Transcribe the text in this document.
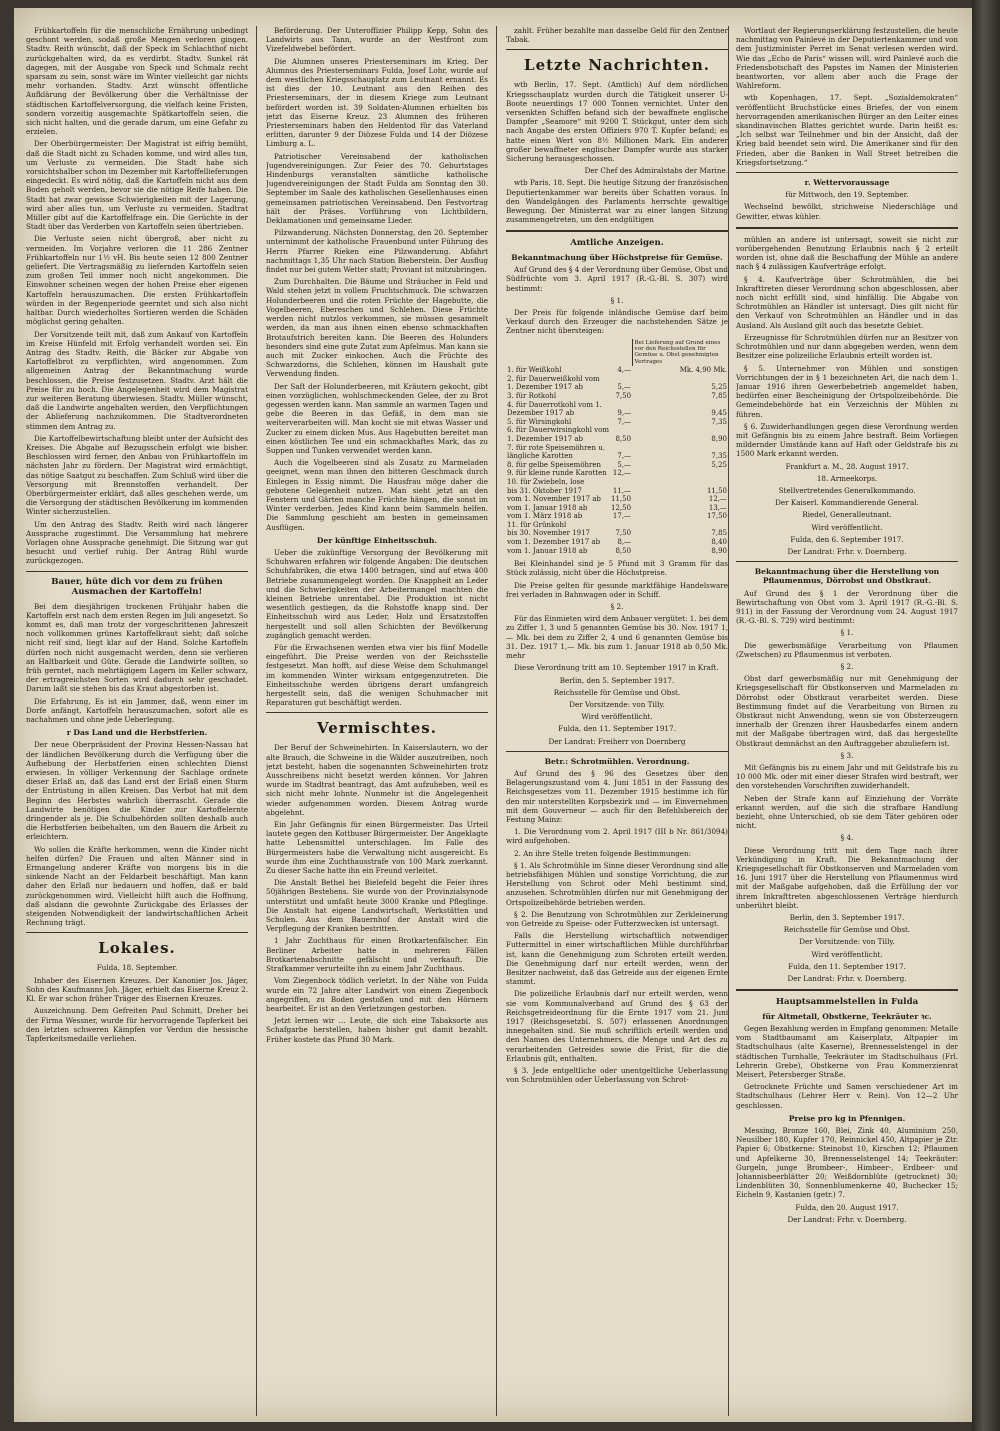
Frühkartoffeln für die menschliche Ernährung unbedingt geschont werden, sodaß große Mengen verloren gingen. Stadtv. Reith wünscht, daß der Speck im Schlachthof nicht zurückgehalten wird, da es verdirbt. Stadtv. Sunkel rät dagegen, mit der Ausgabe von Speck und Schmalz recht sparsam zu sein, sonst wäre im Winter vielleicht gar nichts mehr vorhanden. Stadtv. Arzt wünscht öffentliche Aufklärung der Bevölkerung über die Verhältnisse der städtischen Kartoffelversorgung, die vielfach keine Fristen, sondern vorzeitig ausgemachte Spätkartoffeln seien, die sich nicht halten, und die gerade darum, um eine Gefahr zu erzielen.

Der Oberbürgermeister: Der Magistrat ist eifrig bemüht, daß die Stadt nicht zu Schaden komme, und wird alles tun, um Verluste zu vermeiden. Die Stadt habe sich vorsichtshalber schon im Dezember mit Kartoffellieferungen eingedeckt. Es wird nötig, daß die Kartoffeln nicht aus dem Boden geholt werden, bevor sie die nötige Reife haben. Die Stadt hat zwar gewisse Schwierigkeiten mit der Lagerung, wird aber alles tun, um Verluste zu vermeiden. Stadtrat Müller gibt auf die Kartoffelfrage ein. Die Gerüchte in der Stadt über das Verderben von Kartoffeln seien übertrieben.

Die Verluste seien nicht übergroß, aber nicht zu vermeiden. Im Vorjahre verloren die 11 286 Zentner Frühkartoffeln nur 1½ vH. Bis heute seien 12 800 Zentner geliefert. Die Vertragsmäßig zu liefernden Kartoffeln seien zum großen Teil immer noch nicht angekommen. Die Einwohner scheinen wegen der hohen Preise eher eigenen Kartoffeln herauszumachen. Die ersten Frühkartoffeln würden in der Regenperiode geerntet und sich also nicht haltbar. Durch wiederholtes Sortieren werden die Schäden möglichst gering gehalten.

Der Vorsitzende teilt mit, daß zum Ankauf von Kartoffeln im Kreise Hünfeld mit Erfolg verhandelt worden sei. Ein Antrag des Stadtv. Reith, die Bäcker zur Abgabe von Kartoffelbrot zu verpflichten, wird angenommen. Zum allgemeinen Antrag der Bekanntmachung wurde beschlossen, die Preise festzusetzen. Stadtv. Arzt hält die Preise für zu hoch. Die Angelegenheit wird dem Magistrat zur weiteren Beratung überwiesen. Stadtv. Müller wünscht, daß die Landwirte angehalten werden, den Verpflichtungen der Ablieferung nachzukommen. Die Stadtverordneten stimmen dem Antrag zu.

Die Kartoffelbewirtschaftung bleibt unter der Aufsicht des Kreises. Die Abgabe auf Bezugsschein erfolgt wie bisher. Beschlossen wird ferner, den Anbau von Frühkartoffeln im nächsten Jahr zu fördern. Der Magistrat wird ermächtigt, das nötige Saatgut zu beschaffen. Zum Schluß wird über die Versorgung mit Brennstoffen verhandelt. Der Oberbürgermeister erklärt, daß alles geschehen werde, um die Versorgung der städtischen Bevölkerung im kommenden Winter sicherzustellen.

Um den Antrag des Stadtv. Reith wird nach längerer Aussprache zugestimmt. Die Versammlung hat mehrere Vorlagen ohne Aussprache genehmigt. Die Sitzung war gut besucht und verlief ruhig. Der Antrag Rühl wurde zurückgezogen.

Bauer, hüte dich vor dem zu frühen Ausmachen der Kartoffeln!

Bei dem diesjährigen trockenen Frühjahr haben die Kartoffeln erst nach dem ersten Regen im Juli angesetzt. So kommt es, daß man trotz der vorgeschrittenen Jahreszeit noch vollkommen grünes Kartoffelkraut sieht; daß solche nicht reif sind, liegt klar auf der Hand. Solche Kartoffeln dürfen noch nicht ausgemacht werden, denn sie verlieren an Haltbarkeit und Güte. Gerade die Landwirte sollten, so früh gerntet, nach mehrtägigem Lagern im Keller schwarz, der ertragreichsten Sorten wird dadurch sehr geschadet. Darum laßt sie stehen bis das Kraut abgestorben ist.

Die Erfahrung, Es ist ein Jammer, daß, wenn einer im Dorfe anfängt, Kartoffeln herauszumachen, sofort alle es nachahmen und ohne jede Ueberlegung.

r Das Land und die Herbstferien.

Der neue Oberpräsident der Provinz Hessen-Nassau hat der ländlichen Bevölkerung durch die Verfügung über die Aufhebung der Herbstferien einen schlechten Dienst erwiesen. In völliger Verkennung der Sachlage ordnete dieser Erlaß an, daß das Land erst der Erlaß einen Sturm der Entrüstung in allen Kreisen. Das Verbot hat mit dem Beginn des Herbstes wahrlich überrascht. Gerade die Landwirte benötigen die Kinder zur Kartoffelernte dringender als je. Die Schulbehörden sollten deshalb auch die Herbstferien beibehalten, um den Bauern die Arbeit zu erleichtern.

Wo sollen die Kräfte herkommen, wenn die Kinder nicht helfen dürfen? Die Frauen und alten Männer sind in Ermangelung anderer Kräfte von morgens bis in die sinkende Nacht an der Feldarbeit beschäftigt. Man kann daher den Erlaß nur bedauern und hoffen, daß er bald zurückgenommen wird. Vielleicht hilft auch die Hoffnung, daß alsdann die gewohnte Zurückgabe des Erlasses der steigenden Notwendigkeit der landwirtschaftlichen Arbeit Rechnung trägt.

Lokales.

Fulda, 18. September.

Inhaber des Eisernen Kreuzes. Der Kanonier Jos. Jäger, Sohn des Kaufmanns Joh. Jäger, erhielt das Eiserne Kreuz 2. Kl. Er war schon früher Träger des Eisernen Kreuzes.

Auszeichnung. Dem Gefreiten Paul Schmitt, Dreher bei der Firma Wessner, wurde für hervorragende Tapferkeit bei den letzten schweren Kämpfen vor Verdun die hessische Tapferkeitsmedaille verliehen.

Beförderung. Der Unteroffizier Philipp Kepp, Sohn des Landwirts aus Tann, wurde an der Westfront zum Vizefeldwebel befördert.

Die Alumnen unseres Priesterseminars im Krieg. Der Alumnus des Priesterseminars Fulda, Josef Lohr, wurde auf dem westlichen Kriegsschauplatz zum Leutnant ernannt. Es ist dies der 10. Leutnant aus den Reihen des Priesterseminars, der in diesem Kriege zum Leutnant befördert worden ist. 39 Soldaten-Alumnen erhielten bis jetzt das Eiserne Kreuz. 23 Alumnen des früheren Priesterseminars haben den Heldentod für das Vaterland erlitten, darunter 9 der Diözese Fulda und 14 der Diözese Limburg a. L.

Patriotischer Vereinsabend der katholischen Jugendvereinigungen. Zur Feier des 70. Geburtstages Hindenburgs veranstalten sämtliche katholische Jugendvereinigungen der Stadt Fulda am Sonntag den 30. September im Saale des katholischen Gesellenhauses einen gemeinsamen patriotischen Vereinsabend. Den Festvortrag hält der Präses. Vorführung von Lichtbildern, Deklamationen und gemeinsame Lieder.

Pilzwanderung. Nächsten Donnerstag, den 20. September unternimmt der katholische Frauenbund unter Führung des Herrn Pfarrer Rieken eine Pilzwanderung. Abfahrt nachmittags 1,35 Uhr nach Station Bieberstein. Der Ausflug findet nur bei gutem Wetter statt; Proviant ist mitzubringen.

Zum Durchhalten. Die Bäume und Sträucher in Feld und Wald stehen jetzt in vollem Fruchtschmuck. Die schwarzen Holunderbeeren und die roten Früchte der Hagebutte, die Vogelbeeren, Ebereschen und Schlehen. Diese Früchte werden nicht nutzlos verkommen, sie müssen gesammelt werden, da man aus ihnen einen ebenso schmackhaften Brotaufstrich bereiten kann. Die Beeren des Holunders besonders sind eine gute Zutat zum Apfelmus. Man kann sie auch mit Zucker einkochen. Auch die Früchte des Schwarzdorns, die Schlehen, können im Haushalt gute Verwendung finden.

Der Saft der Holunderbeeren, mit Kräutern gekocht, gibt einen vorzüglichen, wohlschmeckenden Gelee, der zu Brot gegessen werden kann. Man sammle an warmen Tagen und gebe die Beeren in das Gefäß, in dem man sie weiterverarbeiten will. Man kocht sie mit etwas Wasser und Zucker zu einem dicken Mus. Aus Hagebutten bereitet man einen köstlichen Tee und ein schmackhaftes Mark, das zu Suppen und Tunken verwendet werden kann.

Auch die Vogelbeeren sind als Zusatz zu Marmeladen geeignet, wenn man ihnen den bitteren Geschmack durch Einlegen in Essig nimmt. Die Hausfrau möge daher die gebotene Gelegenheit nutzen. Man sieht jetzt an den Fenstern und Gärten manche Früchte hängen, die sonst im Winter verderben. Jedes Kind kann beim Sammeln helfen. Die Sammlung geschieht am besten in gemeinsamen Ausflügen.

Der künftige Einheitsschuh.

Ueber die zukünftige Versorgung der Bevölkerung mit Schuhwaren erfahren wir folgende Angaben: Die deutschen Schuhfabriken, die etwa 1400 betragen, sind auf etwa 400 Betriebe zusammengelegt worden. Die Knappheit an Leder und die Schwierigkeiten der Arbeitermangel machten die kleinen Betriebe unrentabel. Die Produktion ist nicht wesentlich gestiegen, da die Rohstoffe knapp sind. Der Einheitsschuh wird aus Leder, Holz und Ersatzstoffen hergestellt und soll allen Schichten der Bevölkerung zugänglich gemacht werden.

Für die Erwachsenen werden etwa vier bis fünf Modelle eingeführt. Die Preise werden von der Reichsstelle festgesetzt. Man hofft, auf diese Weise dem Schuhmangel im kommenden Winter wirksam entgegenzutreten. Die Einheitsschuhe werden übrigens derart umfangreich hergestellt sein, daß die wenigen Schuhmacher mit Reparaturen gut beschäftigt werden.

Vermischtes.

Der Beruf der Schweinehirten. In Kaiserslautern, wo der alte Brauch, die Schweine in die Wälder auszutreiben, noch jetzt besteht, haben die sogenannten Schweinehirten trotz Ausschreibens nicht besetzt werden können. Vor Jahren wurde im Stadtrat beantragt, das Amt aufzuheben, weil es sich nicht mehr lohnte. Nunmehr ist die Angelegenheit wieder aufgenommen worden. Diesem Antrag wurde abgelehnt.

Ein Jahr Gefängnis für einen Bürgermeister. Das Urteil lautete gegen den Kottbuser Bürgermeister. Der Angeklagte hatte Lebensmittel unterschlagen. Im Falle des Bürgermeisters habe die Verwaltung nicht ausgereicht. Es wurde ihm eine Zuchthausstrafe von 100 Mark zuerkannt. Zu dieser Sache hatte ihn ein Freund verleitet.

Die Anstalt Bethel bei Bielefeld begeht die Feier ihres 50jährigen Bestehens. Sie wurde von der Provinzialsynode unterstützt und umfaßt heute 3000 Kranke und Pfleglinge. Die Anstalt hat eigene Landwirtschaft, Werkstätten und Schulen. Aus dem Bauernhof der Anstalt wird die Verpflegung der Kranken bestritten.

1 Jahr Zuchthaus für einen Brotkartenfälscher. Ein Berliner Arbeiter hatte in mehreren Fällen Brotkartenabschnitte gefälscht und verkauft. Die Strafkammer verurteilte ihn zu einem Jahr Zuchthaus.

Vom Ziegenbock tödlich verletzt. In der Nähe von Fulda wurde ein 72 Jahre alter Landwirt von einem Ziegenbock angegriffen, zu Boden gestoßen und mit den Hörnern bearbeitet. Er ist an den Verletzungen gestorben.

Jetzt lernen wir ... Leute, die sich eine Tabaksorte aus Schafgarbe herstellen, haben bisher gut damit bezahlt. Früher kostete das Pfund 30 Mark.

zahlt. Früher bezahlte man dasselbe Geld für den Zentner Tabak.

Letzte Nachrichten.

wtb Berlin, 17. Sept. (Amtlich) Auf dem nördlichen Kriegsschauplatz wurden durch die Tätigkeit unserer U-Boote neuerdings 17 000 Tonnen vernichtet. Unter den versenkten Schiffen befand sich der bewaffnete englische Dampfer „Seamore“ mit 9200 T. Stückgut, unter dem sich nach Angabe des ersten Offiziers 970 T. Kupfer befand; es hatte einen Wert von 8½ Millionen Mark. Ein anderer großer bewaffneter englischer Dampfer wurde aus starker Sicherung herausgeschossen.

Der Chef des Admiralstabs der Marine.

wtb Paris, 18. Sept. Die heutige Sitzung der französischen Deputiertenkammer war bereits über Schatten voraus. In den Wandelgängen des Parlaments herrschte gewaltige Bewegung. Der Ministerrat war zu einer langen Sitzung zusammengetreten, um den endgültigen

Amtliche Anzeigen.
Bekanntmachung über Höchstpreise für Gemüse.

Auf Grund des § 4 der Verordnung über Gemüse, Obst und Südfrüchte vom 3. April 1917 (R.-G.-Bl. S. 307) wird bestimmt:

§ 1.

Der Preis für folgende inländische Gemüse darf beim Verkauf durch den Erzeuger die nachstehenden Sätze je Zentner nicht übersteigen:

		Bei Lieferung auf Grund eines vor den Reichsstellen für Gemüse u. Obst genehmigten Vertrages
1. für Weißkohl	4,—	Mk. 4,90 Mk.
2. für Dauerweißkohl vom		
1. Dezember 1917 ab	5,—	5,25
3. für Rotkohl	7,50	7,85
4. für Dauerrotkohl vom 1.		
Dezember 1917 ab	9,—	9,45
5. für Wirsingkohl	7,—	7,35
6. für Dauerwirsingkohl vom		
1. Dezember 1917 ab	8,50	8,90
7. für rote Speisemöhren u.		
längliche Karotten	7,—	7,35
8. für gelbe Speisemöhren	5,—	5,25
9. für kleine runde Karotten	12,—	
10. für Zwiebeln, lose		
bis 31. Oktober 1917	11,—	11,50
vom 1. November 1917 ab	11,50	12,—
vom 1. Januar 1918 ab	12,50	13,—
vom 1. März 1918 ab	17,—	17,50
11. für Grünkohl		
bis 30. November 1917	7,50	7,85
vom 1. Dezember 1917 ab	8,—	8,40
vom 1. Januar 1918 ab	8,50	8,90

Bei Kleinhandel sind je 5 Pfund mit 3 Gramm für das Stück zulässig, nicht über die Höchstpreise.

Die Preise gelten für gesunde marktfähige Handelsware frei verladen in Bahnwagen oder in Schiff.

§ 2.

Für das Einmieten wird dem Anbauer vergütet: 1. bei dem zu Ziffer 1, 3 und 5 genannten Gemüse bis 30. Nov. 1917 1,— Mk. bei dem zu Ziffer 2, 4 und 6 genannten Gemüse bis 31. Dez. 1917 1,— Mk. bis zum 1. Januar 1918 ab 0,50 Mk. mehr

Diese Verordnung tritt am 10. September 1917 in Kraft.

Berlin, den 5. September 1917.

Reichsstelle für Gemüse und Obst.

Der Vorsitzende: von Tilly.

Wird veröffentlicht.

Fulda, den 11. September 1917.

Der Landrat: Freiherr von Doernberg

Betr.: Schrotmühlen. Verordnung.

Auf Grund des § 96 des Gesetzes über den Belagerungszustand vom 4. Juni 1851 in der Fassung des Reichsgesetzes vom 11. Dezember 1915 bestimme ich für den mir unterstellten Korpsbezirk und — im Einvernehmen mit dem Gouverneur — auch für den Befehlsbereich der Festung Mainz:

1. Die Verordnung vom 2. April 1917 (III b Nr. 861/3094) wird aufgehoben.

2. An ihre Stelle treten folgende Bestimmungen:

§ 1. Als Schrotmühle im Sinne dieser Verordnung sind alle betriebsfähigen Mühlen und sonstige Vorrichtung, die zur Herstellung von Schrot oder Mehl bestimmt sind, anzusehen. Schrotmühlen dürfen nur mit Genehmigung der Ortspolizeibehörde betrieben werden.

§ 2. Die Benutzung von Schrotmühlen zur Zerkleinerung von Getreide zu Speise- oder Futterzwecken ist untersagt.

Falls die Herstellung wirtschaftlich notwendiger Futtermittel in einer wirtschaftlichen Mühle durchführbar ist, kann die Genehmigung zum Schroten erteilt werden. Die Genehmigung darf nur erteilt werden, wenn der Besitzer nachweist, daß das Getreide aus der eigenen Ernte stammt.

Die polizeiliche Erlaubnis darf nur erteilt werden, wenn sie vom Kommunalverband auf Grund des § 63 der Reichsgetreideordnung für die Ernte 1917 vom 21. Juni 1917 (Reichsgesetzbl. S. 507) erlassenen Anordnungen innegehalten sind. Sie muß schriftlich erteilt werden und den Namen des Unternehmers, die Menge und Art des zu verarbeitenden Getreides sowie die Frist, für die die Erlaubnis gilt, enthalten.

§ 3. Jede entgeltliche oder unentgeltliche Ueberlassung von Schrotmühlen oder Ueberlassung von Schrot-

Wortlaut der Regierungserklärung festzustellen, die heute nachmittag von Painlevé in der Deputiertenkammer und von dem Justizminister Perret im Senat verlesen werden wird. Wie das „Echo de Paris“ wissen will, wird Painlevé auch die Friedensbotschaft des Papstes im Namen der Ministerien beantworten, vor allem aber auch die Frage der Wahlreform.

wtb Kopenhagen, 17. Sept. „Sozialdemokraten“ veröffentlicht Bruchstücke eines Briefes, der von einem hervorragenden amerikanischen Bürger an den Leiter eines skandinavischen Blattes gerichtet wurde. Darin heißt es: „Ich selbst war Teilnehmer und bin der Ansicht, daß der Krieg bald beendet sein wird. Die Amerikaner sind für den Frieden, aber die Banken in Wall Street betreiben die Kriegsfortsetzung.“

r. Wettervoraussage

für Mittwoch, den 19. September.

Wechselnd bewölkt, strichweise Niederschläge und Gewitter, etwas kühler.

mühlen an andere ist untersagt, soweit sie nicht zur vorübergehenden Benutzung Erlaubnis nach § 2 erteilt worden ist, ohne daß die Beschaffung der Mühle an andere nach § 4 zulässigen Kaufverträge erfolgt.

§ 4. Kaufverträge über Schrotmühlen, die bei Inkrafttreten dieser Verordnung schon abgeschlossen, aber noch nicht erfüllt sind, sind hinfällig. Die Abgabe von Schrotmühlen an Händler ist untersagt. Dies gilt nicht für den Verkauf von Schrotmühlen an Händler und in das Ausland. Als Ausland gilt auch das besetzte Gebiet.

Erzeugnisse für Schrotmühlen dürfen nur an Besitzer von Schrotmühlen und nur dann abgegeben werden, wenn dem Besitzer eine polizeiliche Erlaubnis erteilt worden ist.

§ 5. Unternehmer von Mühlen und sonstigen Vorrichtungen der in § 1 bezeichneten Art, die nach dem 1. Januar 1916 ihren Gewerbebetrieb angemeldet haben, bedürfen einer Bescheinigung der Ortspolizeibehörde. Die Gemeindebehörde hat ein Verzeichnis der Mühlen zu führen.

§ 6. Zuwiderhandlungen gegen diese Verordnung werden mit Gefängnis bis zu einem Jahre bestraft. Beim Vorliegen mildernder Umstände kann auf Haft oder Geldstrafe bis zu 1500 Mark erkannt werden.

Frankfurt a. M., 28. August 1917.

18. Armeekorps.

Stellvertretendes Generalkommando.

Der Kaiserl. Kommandierende General.

Riedel, Generalleutnant.

Wird veröffentlicht.

Fulda, den 6. September 1917.

Der Landrat: Frhr. v. Doernberg.

Bekanntmachung über die Herstellung von Pflaumenmus, Dörrobst und Obstkraut.

Auf Grund des § 1 der Verordnung über die Bewirtschaftung von Obst vom 3. April 1917 (R.-G.-Bl. S. 911) in der Fassung der Verordnung vom 24. August 1917 (R.-G.-Bl. S. 729) wird bestimmt:

§ 1.

Die gewerbsmäßige Verarbeitung von Pflaumen (Zwetschen) zu Pflaumenmus ist verboten.

§ 2.

Obst darf gewerbsmäßig nur mit Genehmigung der Kriegsgesellschaft für Obstkonserven und Marmeladen zu Dörrobst oder Obstkraut verarbeitet werden. Diese Bestimmung findet auf die Verarbeitung von Birnen zu Obstkraut nicht Anwendung, wenn sie von Obsterzeugern innerhalb der Grenzen ihrer Hausbedarfes einem andern mit der Maßgabe übertragen wird, daß das hergestellte Obstkraut demnächst an den Auftraggeber abzuliefern ist.

§ 3.

Mit Gefängnis bis zu einem Jahr und mit Geldstrafe bis zu 10 000 Mk. oder mit einer dieser Strafen wird bestraft, wer den vorstehenden Vorschriften zuwiderhandelt.

Neben der Strafe kann auf Einziehung der Vorräte erkannt werden, auf die sich die strafbare Handlung bezieht, ohne Unterschied, ob sie dem Täter gehören oder nicht.

§ 4.

Diese Verordnung tritt mit dem Tage nach ihrer Verkündigung in Kraft. Die Bekanntmachung der Kriegsgesellschaft für Obstkonserven und Marmeladen vom 16. Juni 1917 über die Herstellung von Pflaumenmus wird mit der Maßgabe aufgehoben, daß die Erfüllung der vor ihrem Inkrafttreten abgeschlossenen Verträge hierdurch unberührt bleibt.

Berlin, den 3. September 1917.

Reichsstelle für Gemüse und Obst.

Der Vorsitzende: von Tilly.

Wird veröffentlicht.

Fulda, den 11. September 1917.

Der Landrat: Frhr. v. Doernberg.

Hauptsammelstellen in Fulda
für Altmetall, Obstkerne, Teekräuter ꝛc.

Gegen Bezahlung werden in Empfang genommen: Metalle vom Stadtbaumamt am Kaiserplatz, Altpapier im Stadtschulhaus (alte Kaserne), Brennesselstengel in der städtischen Turnhalle, Teekräuter im Stadtschulhaus (Frl. Lehrerin Grebe), Obstkerne von Frau Kommerzienrat Meisert, Petersberger Straße.

Getrocknete Früchte und Samen verschiedener Art im Stadtschulhaus (Lehrer Herr v. Rein). Von 12—2 Uhr geschlossen.

Preise pro kg in Pfennigen.

Messing, Bronze 160, Blei, Zink 40, Aluminium 250, Neusilber 180, Kupfer 170, Reinnickel 450, Altpapier je Ztr. Papier 6; Obstkerne: Steinobst 10, Kirschen 12; Pflaumen und Apfelkerne 30, Brennesselstengel 14; Teekräuter: Gurgeln, junge Brombeer-, Himbeer-, Erdbeer- und Johannisbeerblätter 20; Weißdornblüte (getrocknet) 30; Lindenblüten 30, Sonnenblumenkerne 40, Buchecker 15; Eicheln 9, Kastanien (getr.) 7.

Fulda, den 20. August 1917.

Der Landrat: Frhr. v. Doernberg.
